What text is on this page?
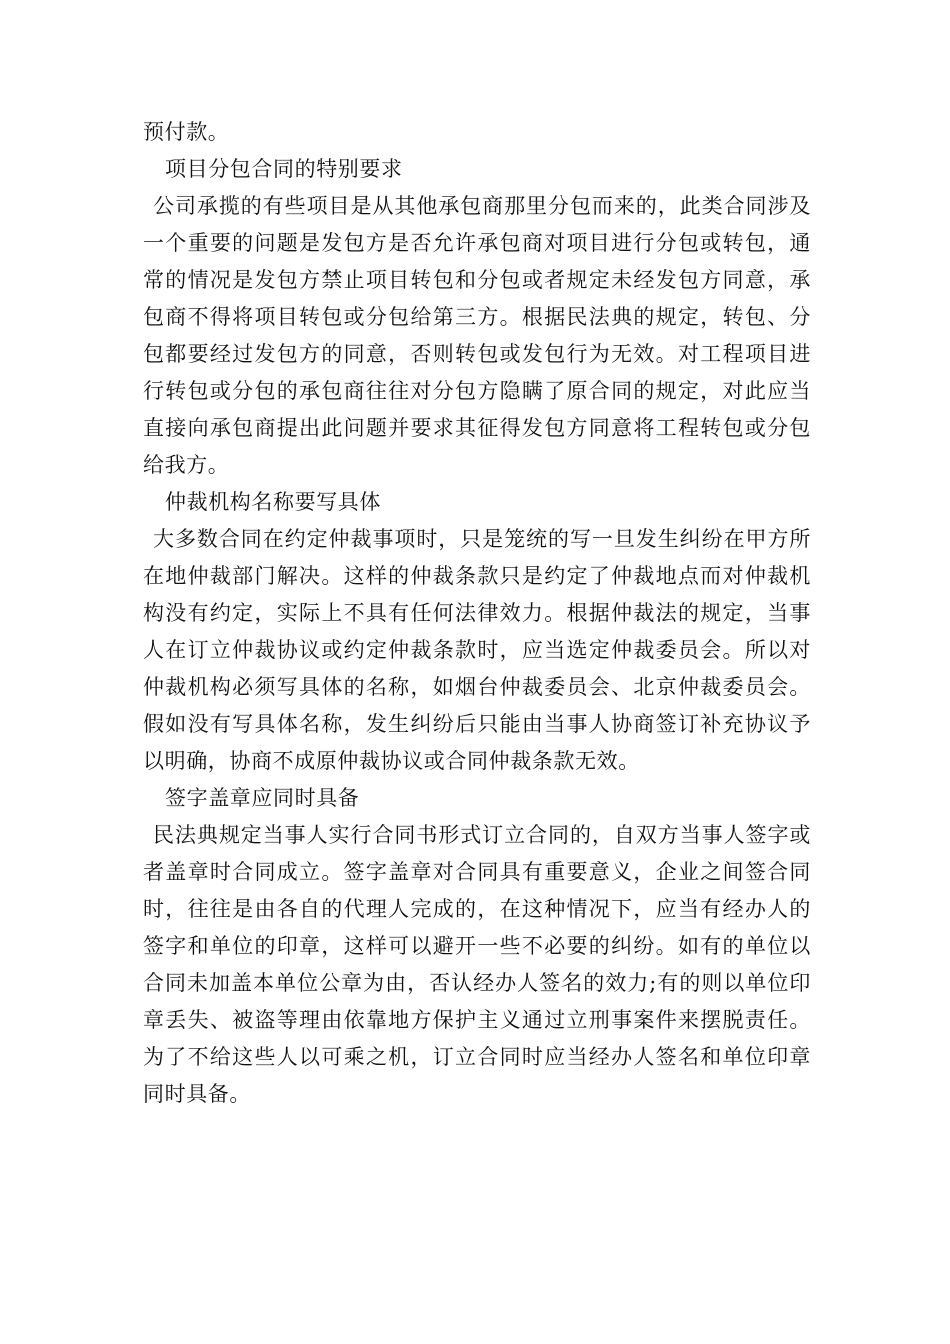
预付款。

项目分包合同的特别要求

公司承揽的有些项目是从其他承包商那里分包而来的，此类合同涉及一个重要的问题是发包方是否允许承包商对项目进行分包或转包，通常的情况是发包方禁止项目转包和分包或者规定未经发包方同意，承包商不得将项目转包或分包给第三方。根据民法典的规定，转包、分包都要经过发包方的同意，否则转包或发包行为无效。对工程项目进行转包或分包的承包商往往对分包方隐瞒了原合同的规定，对此应当直接向承包商提出此问题并要求其征得发包方同意将工程转包或分包给我方。

仲裁机构名称要写具体

大多数合同在约定仲裁事项时，只是笼统的写一旦发生纠纷在甲方所在地仲裁部门解决。这样的仲裁条款只是约定了仲裁地点而对仲裁机构没有约定，实际上不具有任何法律效力。根据仲裁法的规定，当事人在订立仲裁协议或约定仲裁条款时，应当选定仲裁委员会。所以对仲裁机构必须写具体的名称，如烟台仲裁委员会、北京仲裁委员会。假如没有写具体名称，发生纠纷后只能由当事人协商签订补充协议予以明确，协商不成原仲裁协议或合同仲裁条款无效。

签字盖章应同时具备

民法典规定当事人实行合同书形式订立合同的，自双方当事人签字或者盖章时合同成立。签字盖章对合同具有重要意义，企业之间签合同时，往往是由各自的代理人完成的，在这种情况下，应当有经办人的签字和单位的印章，这样可以避开一些不必要的纠纷。如有的单位以合同未加盖本单位公章为由，否认经办人签名的效力;有的则以单位印章丢失、被盗等理由依靠地方保护主义通过立刑事案件来摆脱责任。为了不给这些人以可乘之机，订立合同时应当经办人签名和单位印章同时具备。
